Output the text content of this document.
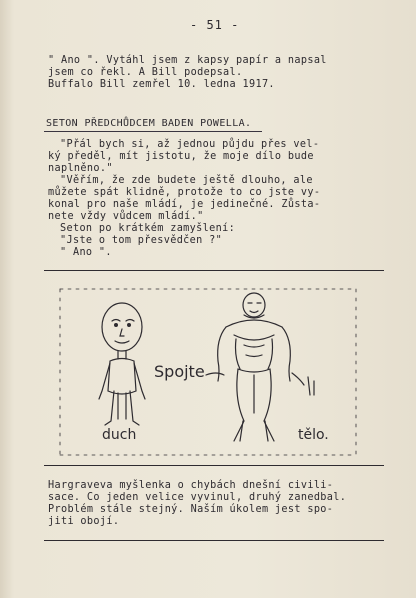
- 51 -
" Ano ". Vytáhl jsem z kapsy papír a napsal
jsem co řekl. A Bill podepsal.
Buffalo Bill zemřel 10. ledna 1917.
SETON PŘEDCHŮDCEM BADEN POWELLA.
"Přál bych si, až jednou půjdu přes vel-
ký předěl, mít jistotu, že moje dílo bude
naplněno."
"Věřím, že zde budete ještě dlouho, ale
můžete spát klidně, protože to co jste vy-
konal pro naše mládí, je jedinečné. Zůsta-
nete vždy vůdcem mládí."
Seton po krátkém zamyšlení:
"Jste o tom přesvědčen ?"
" Ano ".
Spojte
duch	tělo.
Hargraveva myšlenka o chybách dnešní civili-
sace. Co jeden velice vyvinul, druhý zanedbal.
Problém stále stejný. Naším úkolem jest spo-
jiti obojí.
